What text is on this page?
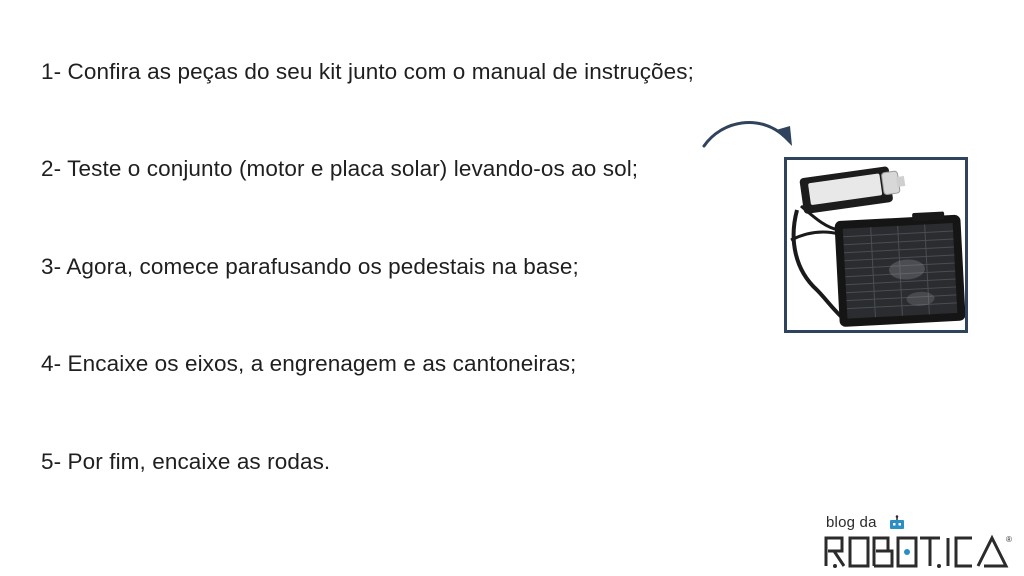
1- Confira as peças do seu kit junto com o manual de instruções;
2- Teste o conjunto (motor e placa solar) levando-os ao sol;
3- Agora, comece parafusando os pedestais na base;
4- Encaixe os eixos, a engrenagem e as cantoneiras;
5- Por fim, encaixe as rodas.
blog da
®
